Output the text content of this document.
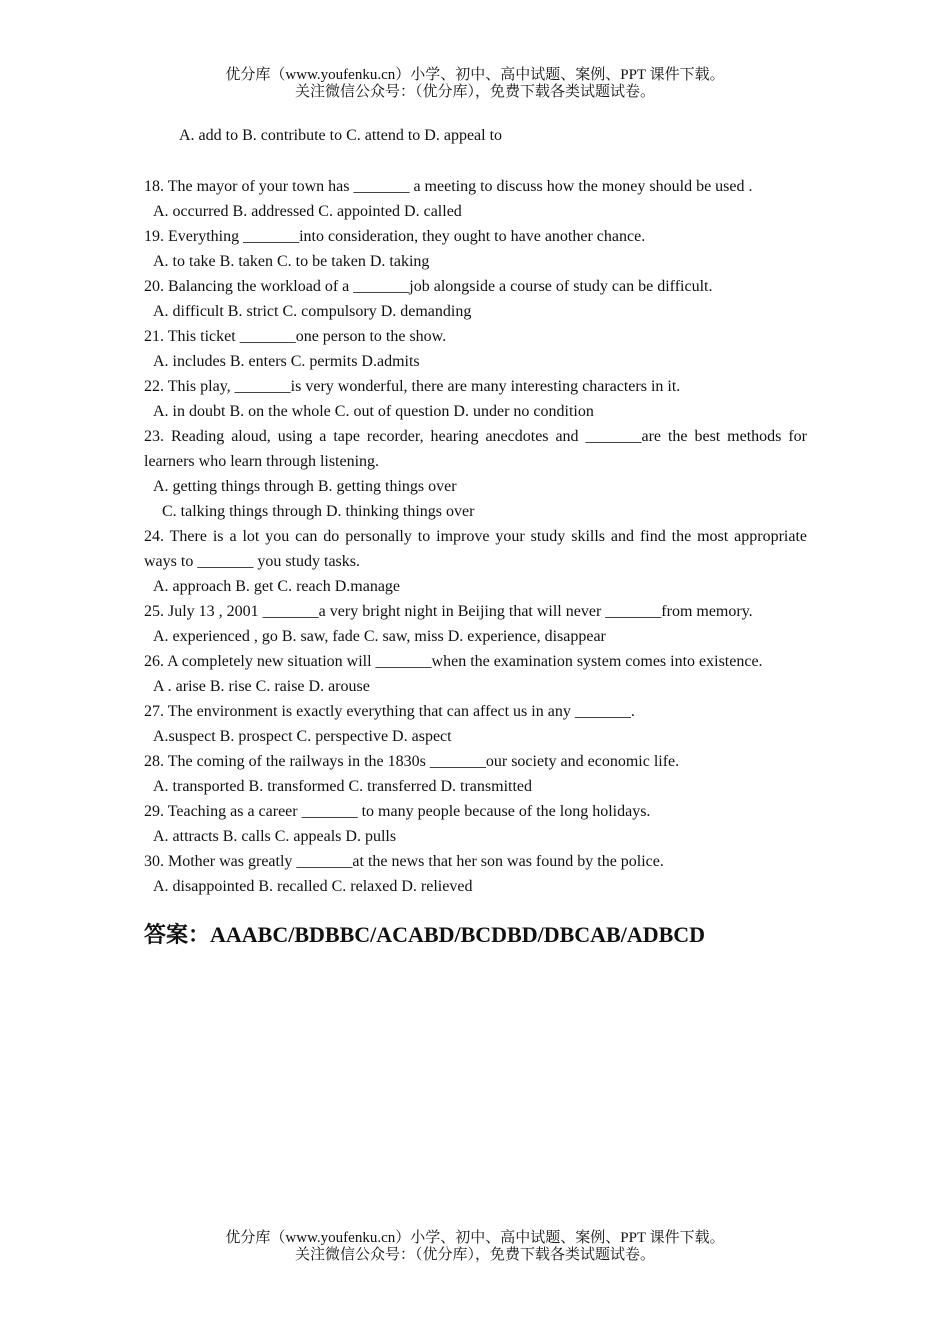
优分库（www.youfenku.cn）小学、初中、高中试题、案例、PPT 课件下载。
关注微信公众号：（优分库），免费下载各类试题试卷。
A. add to B. contribute to C. attend to D. appeal to
18. The mayor of your town has _______ a meeting to discuss how the money should be used .
A. occurred B. addressed C. appointed D. called
19. Everything _______into consideration, they ought to have another chance.
A. to take B. taken C. to be taken D. taking
20. Balancing the workload of a _______job alongside a course of study can be difficult.
A. difficult B. strict C. compulsory D. demanding
21. This ticket _______one person to the show.
A. includes B. enters C. permits D.admits
22. This play, _______is very wonderful, there are many interesting characters in it.
A. in doubt B. on the whole C. out of question D. under no condition
23. Reading aloud, using a tape recorder, hearing anecdotes and _______are the best methods for learners who learn through listening.
A. getting things through B. getting things over
C. talking things through D. thinking things over
24. There is a lot you can do personally to improve your study skills and find the most appropriate ways to _______ you study tasks.
A. approach B. get C. reach D.manage
25. July 13 , 2001 _______a very bright night in Beijing that will never _______from memory.
A. experienced , go B. saw, fade C. saw, miss D. experience, disappear
26. A completely new situation will _______when the examination system comes into existence.
A . arise B. rise C. raise D. arouse
27. The environment is exactly everything that can affect us in any _______.
A.suspect B. prospect C. perspective D. aspect
28. The coming of the railways in the 1830s _______our society and economic life.
A. transported B. transformed C. transferred D. transmitted
29. Teaching as a career _______ to many people because of the long holidays.
A. attracts B. calls C. appeals D. pulls
30. Mother was greatly _______at the news that her son was found by the police.
A. disappointed B. recalled C. relaxed D. relieved
答案：AAABC/BDBBC/ACABD/BCDBD/DBCAB/ADBCD
优分库（www.youfenku.cn）小学、初中、高中试题、案例、PPT 课件下载。
关注微信公众号：（优分库），免费下载各类试题试卷。
